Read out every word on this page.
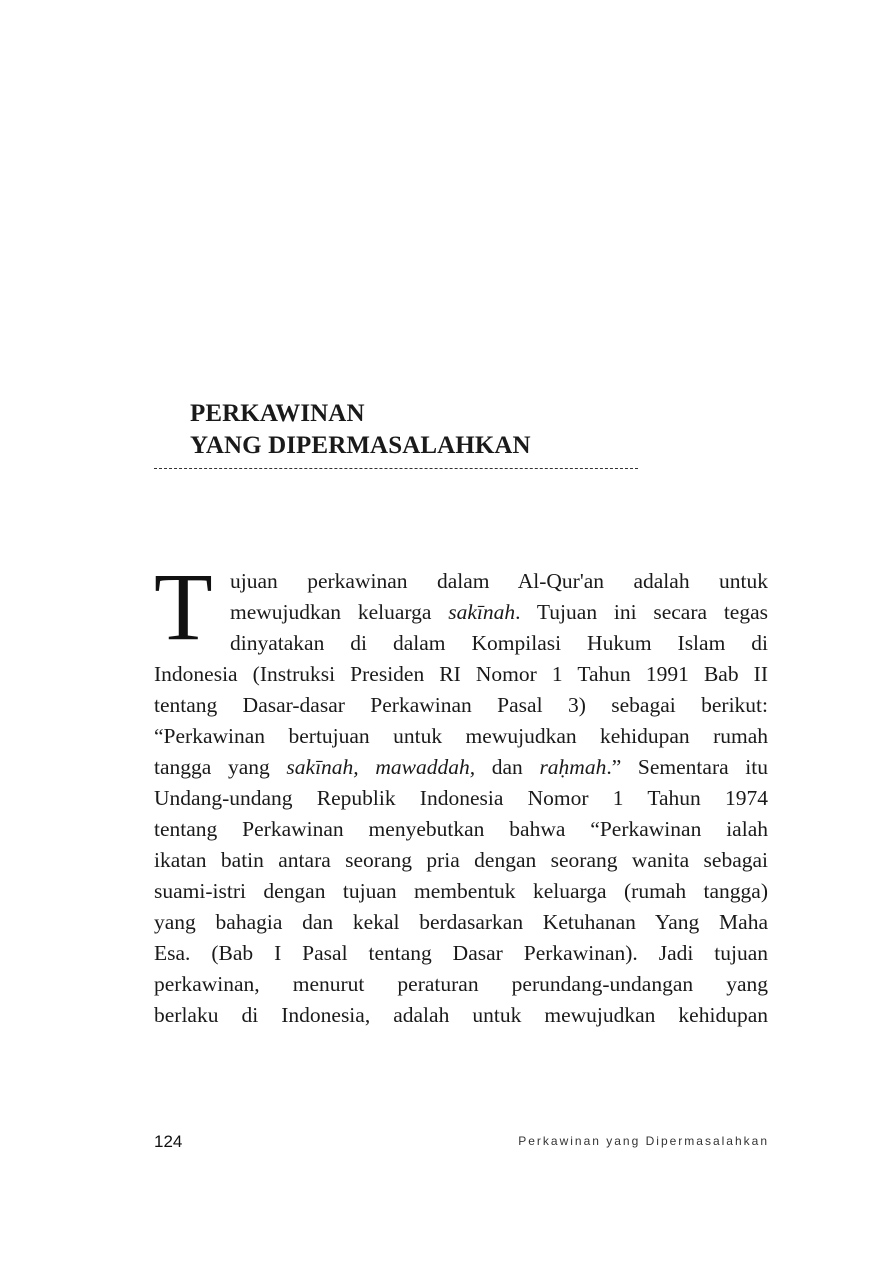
PERKAWINAN
YANG DIPERMASALAHKAN
T ujuan perkawinan dalam Al-Qur'an adalah untuk
mewujudkan keluarga sakīnah. Tujuan ini secara tegas
dinyatakan di dalam Kompilasi Hukum Islam di
Indonesia (Instruksi Presiden RI Nomor 1 Tahun 1991 Bab II
tentang Dasar-dasar Perkawinan Pasal 3) sebagai berikut:
“Perkawinan bertujuan untuk mewujudkan kehidupan rumah
tangga yang sakīnah, mawaddah, dan raḥmah.” Sementara itu
Undang-undang Republik Indonesia Nomor 1 Tahun 1974
tentang Perkawinan menyebutkan bahwa “Perkawinan ialah
ikatan batin antara seorang pria dengan seorang wanita sebagai
suami-istri dengan tujuan membentuk keluarga (rumah tangga)
yang bahagia dan kekal berdasarkan Ketuhanan Yang Maha
Esa. (Bab I Pasal tentang Dasar Perkawinan). Jadi tujuan
perkawinan, menurut peraturan perundang-undangan yang
berlaku di Indonesia, adalah untuk mewujudkan kehidupan
124	Perkawinan yang Dipermasalahkan
